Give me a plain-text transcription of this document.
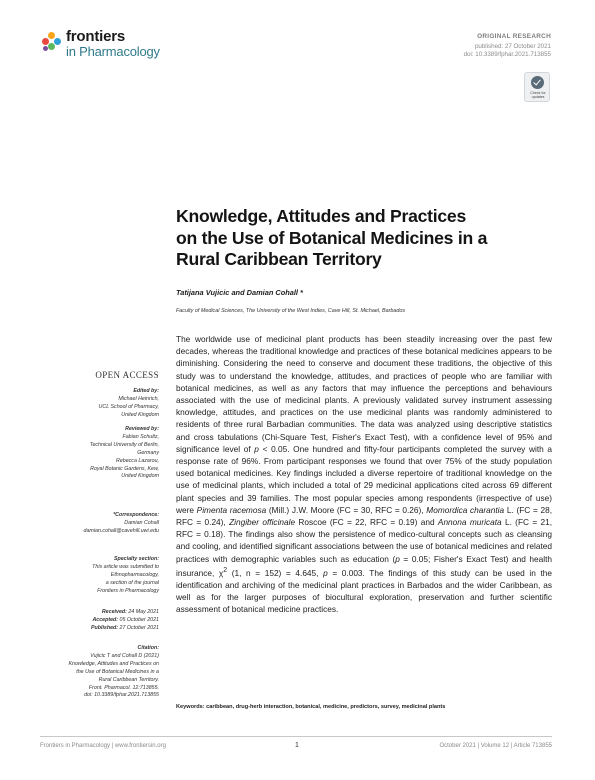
frontiers
in Pharmacology
ORIGINAL RESEARCH
published: 27 October 2021
doi: 10.3389/fphar.2021.713855
Check for
updates
Knowledge, Attitudes and Practices
on the Use of Botanical Medicines in a
Rural Caribbean Territory
Tatijana Vujicic and Damian Cohall *
Faculty of Medical Sciences, The University of the West Indies, Cave Hill, St. Michael, Barbados
OPEN ACCESS
Edited by:
Michael Heinrich,
UCL School of Pharmacy,
United Kingdom
Reviewed by:
Fabian Schultz,
Technical University of Berlin,
Germany
Rebecca Lazarou,
Royal Botanic Gardens, Kew,
United Kingdom
*Correspondence:
Damian Cohall
damian.cohall@cavehill.uwi.edu
Specialty section:
This article was submitted to
Ethnopharmacology,
a section of the journal
Frontiers in Pharmacology
Received: 24 May 2021
Accepted: 05 October 2021
Published: 27 October 2021
Citation:
Vujicic T and Cohall D (2021)
Knowledge, Attitudes and Practices on
the Use of Botanical Medicines in a
Rural Caribbean Territory.
Front. Pharmacol. 12:713855.
doi: 10.3389/fphar.2021.713855
The worldwide use of medicinal plant products has been steadily increasing over the past few decades, whereas the traditional knowledge and practices of these botanical medicines appears to be diminishing. Considering the need to conserve and document these traditions, the objective of this study was to understand the knowledge, attitudes, and practices of people who are familiar with botanical medicines, as well as any factors that may influence the perceptions and behaviours associated with the use of medicinal plants. A previously validated survey instrument assessing knowledge, attitudes, and practices on the use medicinal plants was randomly administered to residents of three rural Barbadian communities. The data was analyzed using descriptive statistics and cross tabulations (Chi-Square Test, Fisher's Exact Test), with a confidence level of 95% and significance level of p < 0.05. One hundred and fifty-four participants completed the survey with a response rate of 96%. From participant responses we found that over 75% of the study population used botanical medicines. Key findings included a diverse repertoire of traditional knowledge on the use of medicinal plants, which included a total of 29 medicinal applications cited across 69 different plant species and 39 families. The most popular species among respondents (irrespective of use) were Pimenta racemosa (Mill.) J.W. Moore (FC = 30, RFC = 0.26), Momordica charantia L. (FC = 28, RFC = 0.24), Zingiber officinale Roscoe (FC = 22, RFC = 0.19) and Annona muricata L. (FC = 21, RFC = 0.18). The findings also show the persistence of medico-cultural concepts such as cleansing and cooling, and identified significant associations between the use of botanical medicines and related practices with demographic variables such as education (p = 0.05; Fisher's Exact Test) and health insurance, $\chi^2$ (1, n = 152) = 4.645, p = 0.003. The findings of this study can be used in the identification and archiving of the medicinal plant practices in Barbados and the wider Caribbean, as well as for the larger purposes of biocultural exploration, preservation and further scientific assessment of botanical medicine practices.
Keywords: caribbean, drug-herb interaction, botanical, medicine, predictors, survey, medicinal plants
Frontiers in Pharmacology | www.frontiersin.org	1	October 2021 | Volume 12 | Article 713855
